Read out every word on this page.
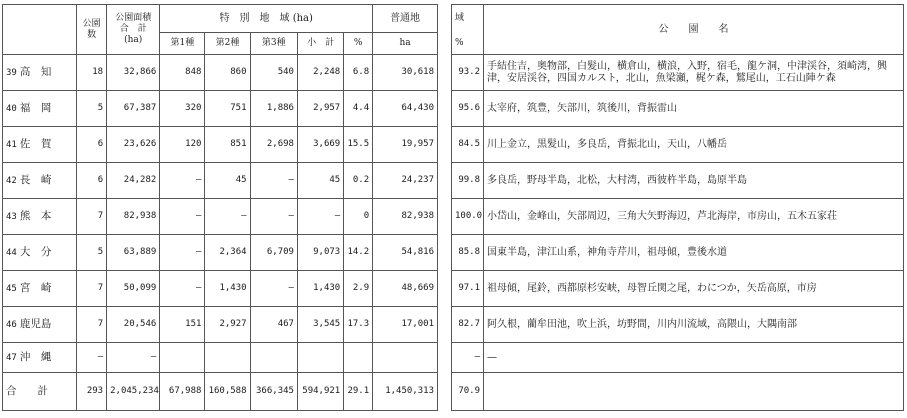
	公園数	公園面積
合　計
(ha)	特　別　地　域 (ha)					普通地
			第1種	第2種	第3種	小　計	%	ha
39 高　知	18	32,866	848	860	540	2,248	6.8	30,618
40 福　岡	5	67,387	320	751	1,886	2,957	4.4	64,430
41 佐　賀	6	23,626	120	851	2,698	3,669	15.5	19,957
42 長　崎	6	24,282	—	45	—	45	0.2	24,237
43 熊　本	7	82,938	—	—	—	—	0	82,938
44 大　分	5	63,889	—	2,364	6,709	9,073	14.2	54,816
45 宮　崎	7	50,099	—	1,430	—	1,430	2.9	48,669
46 鹿児島	7	20,546	151	2,927	467	3,545	17.3	17,001
47 沖　縄	—	—						
合　　計	293	2,045,234	67,988	160,588	366,345	594,921	29.1	1,450,313
域	公　　園　　名
%	
93.2	手結住吉，奥物部，白髪山，横倉山，横浪，入野，宿毛，龍ケ洞，中津渓谷，須崎湾，興津，安居渓谷，四国カルスト，北山，魚梁瀬，梶ケ森，鷲尾山，工石山陣ケ森
95.6	太宰府，筑豊，矢部川，筑後川，背振雷山
84.5	川上金立，黒髪山，多良岳，背振北山，天山，八幡岳
99.8	多良岳，野母半島，北松，大村湾，西彼杵半島，島原半島
100.0	小岱山，金峰山，矢部周辺，三角大矢野海辺，芦北海岸，市房山，五木五家荘
85.8	国東半島，津江山系，神角寺芹川，祖母傾，豊後水道
97.1	祖母傾，尾鈴，西都原杉安峡，母智丘関之尾，わにつか，矢岳高原，市房
82.7	阿久根，藺牟田池，吹上浜，坊野間，川内川流域，高隈山，大隅南部
—	—
70.9	
